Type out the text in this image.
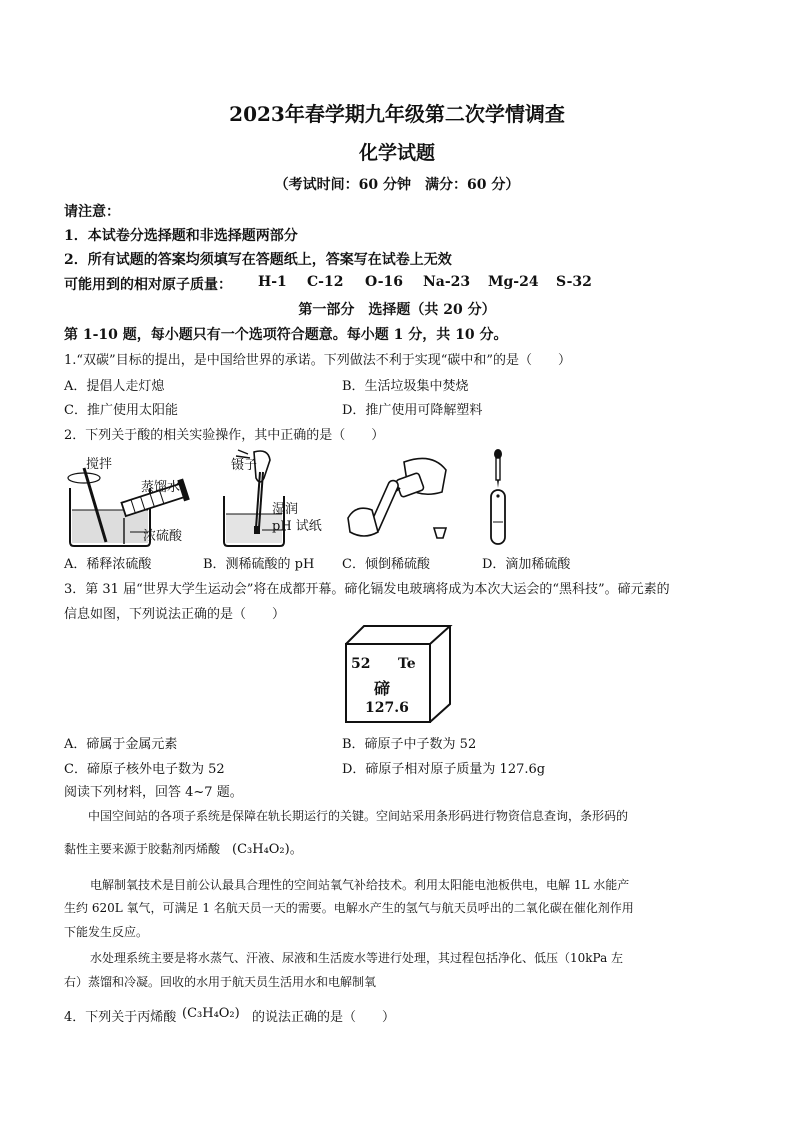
2023年春学期九年级第二次学情调查
化学试题
（考试时间：60 分钟　满分：60 分）
请注意：
1．本试卷分选择题和非选择题两部分
2．所有试题的答案均须填写在答题纸上，答案写在试卷上无效
可能用到的相对原子质量： H-1 C-12 O-16 Na-23 Mg-24 S-32
第一部分　选择题（共 20 分）
第 1-10 题，每小题只有一个选项符合题意。每小题 1 分，共 10 分。
1.“双碳”目标的提出，是中国给世界的承诺。下列做法不利于实现“碳中和”的是（　　）
A．提倡人走灯熄	B．生活垃圾集中焚烧
C．推广使用太阳能	D．推广使用可降解塑料
2．下列关于酸的相关实验操作，其中正确的是（　　）
搅拌
蒸馏水
浓硫酸
镊子
湿润
pH 试纸
A．稀释浓硫酸	B．测稀硫酸的 pH C．倾倒稀硫酸	D．滴加稀硫酸
3．第 31 届“世界大学生运动会”将在成都开幕。碲化镉发电玻璃将成为本次大运会的“黑科技”。碲元素的
信息如图，下列说法正确的是（　　）
52 Te
碲
127.6
A．碲属于金属元素	B．碲原子中子数为 52
C．碲原子核外电子数为 52	D．碲原子相对原子质量为 127.6g
阅读下列材料，回答 4~7 题。
中国空间站的各项子系统是保障在轨长期运行的关键。空间站采用条形码进行物资信息查询，条形码的
黏性主要来源于胶黏剂丙烯酸 (C₃H₄O₂)。
电解制氧技术是目前公认最具合理性的空间站氧气补给技术。利用太阳能电池板供电，电解 1L 水能产
生约 620L 氧气，可满足 1 名航天员一天的需要。电解水产生的氢气与航天员呼出的二氧化碳在催化剂作用
下能发生反应。
水处理系统主要是将水蒸气、汗液、尿液和生活废水等进行处理，其过程包括净化、低压（10kPa 左
右）蒸馏和冷凝。回收的水用于航天员生活用水和电解制氧
4．下列关于丙烯酸 (C₃H₄O₂) 的说法正确的是（　　）
